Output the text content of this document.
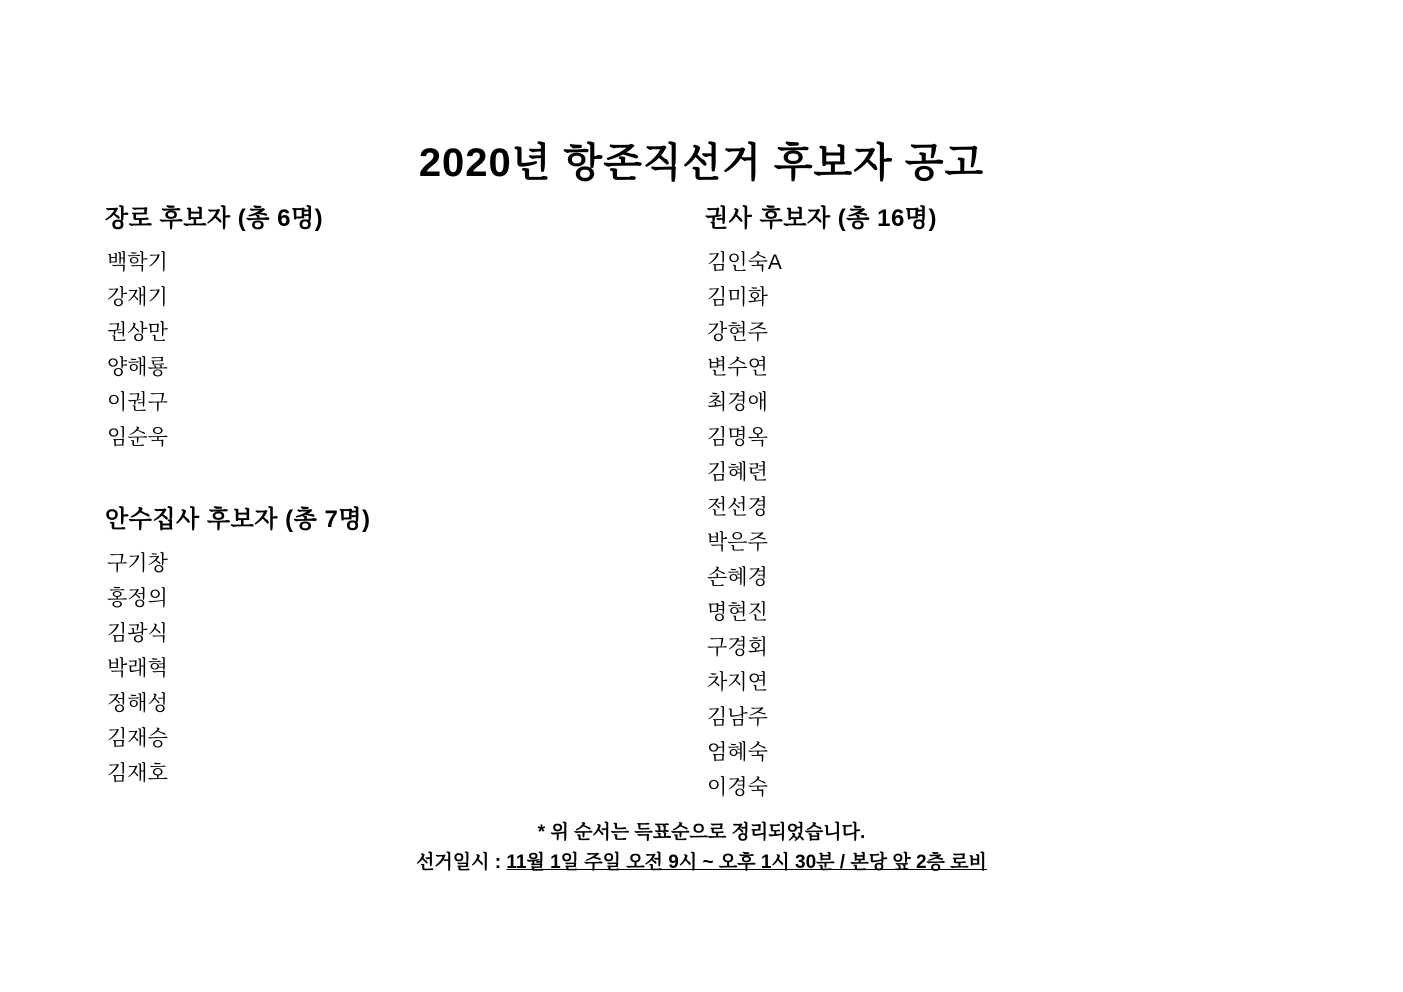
2020년 항존직선거 후보자 공고
장로 후보자 (총 6명)
백학기
강재기
권상만
양해룡
이권구
임순욱
안수집사 후보자 (총 7명)
구기창
홍정의
김광식
박래혁
정해성
김재승
김재호
권사 후보자 (총 16명)
김인숙A
김미화
강현주
변수연
최경애
김명옥
김혜련
전선경
박은주
손혜경
명현진
구경회
차지연
김남주
엄혜숙
이경숙
* 위 순서는 득표순으로 정리되었습니다.
선거일시 : 11월 1일 주일 오전 9시 ~ 오후 1시 30분 / 본당 앞 2층 로비
